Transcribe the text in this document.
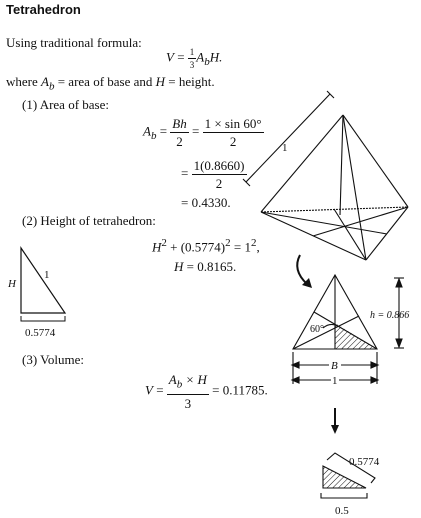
Tetrahedron
Using traditional formula:
$V = \frac{1}{3} A_bH$.
where $A_b$ = area of base and H = height.
(1) Area of base:
$A_b = \frac{Bh}{2} = \frac{1 \times \sin 60^\circ}{2}$
= $\frac{1(0.8660)}{2}$
= 0.4330.
(2) Height of tetrahedron:
$H^2 + (0.5774)^2 = 1^2$,
H = 0.8165.
(3) Volume:
$V = \frac{A_b \times H}{3} = 0.11785$.
H
1
0.5774
1
60°
h = 0.866
B
1
0.5774
0.5
